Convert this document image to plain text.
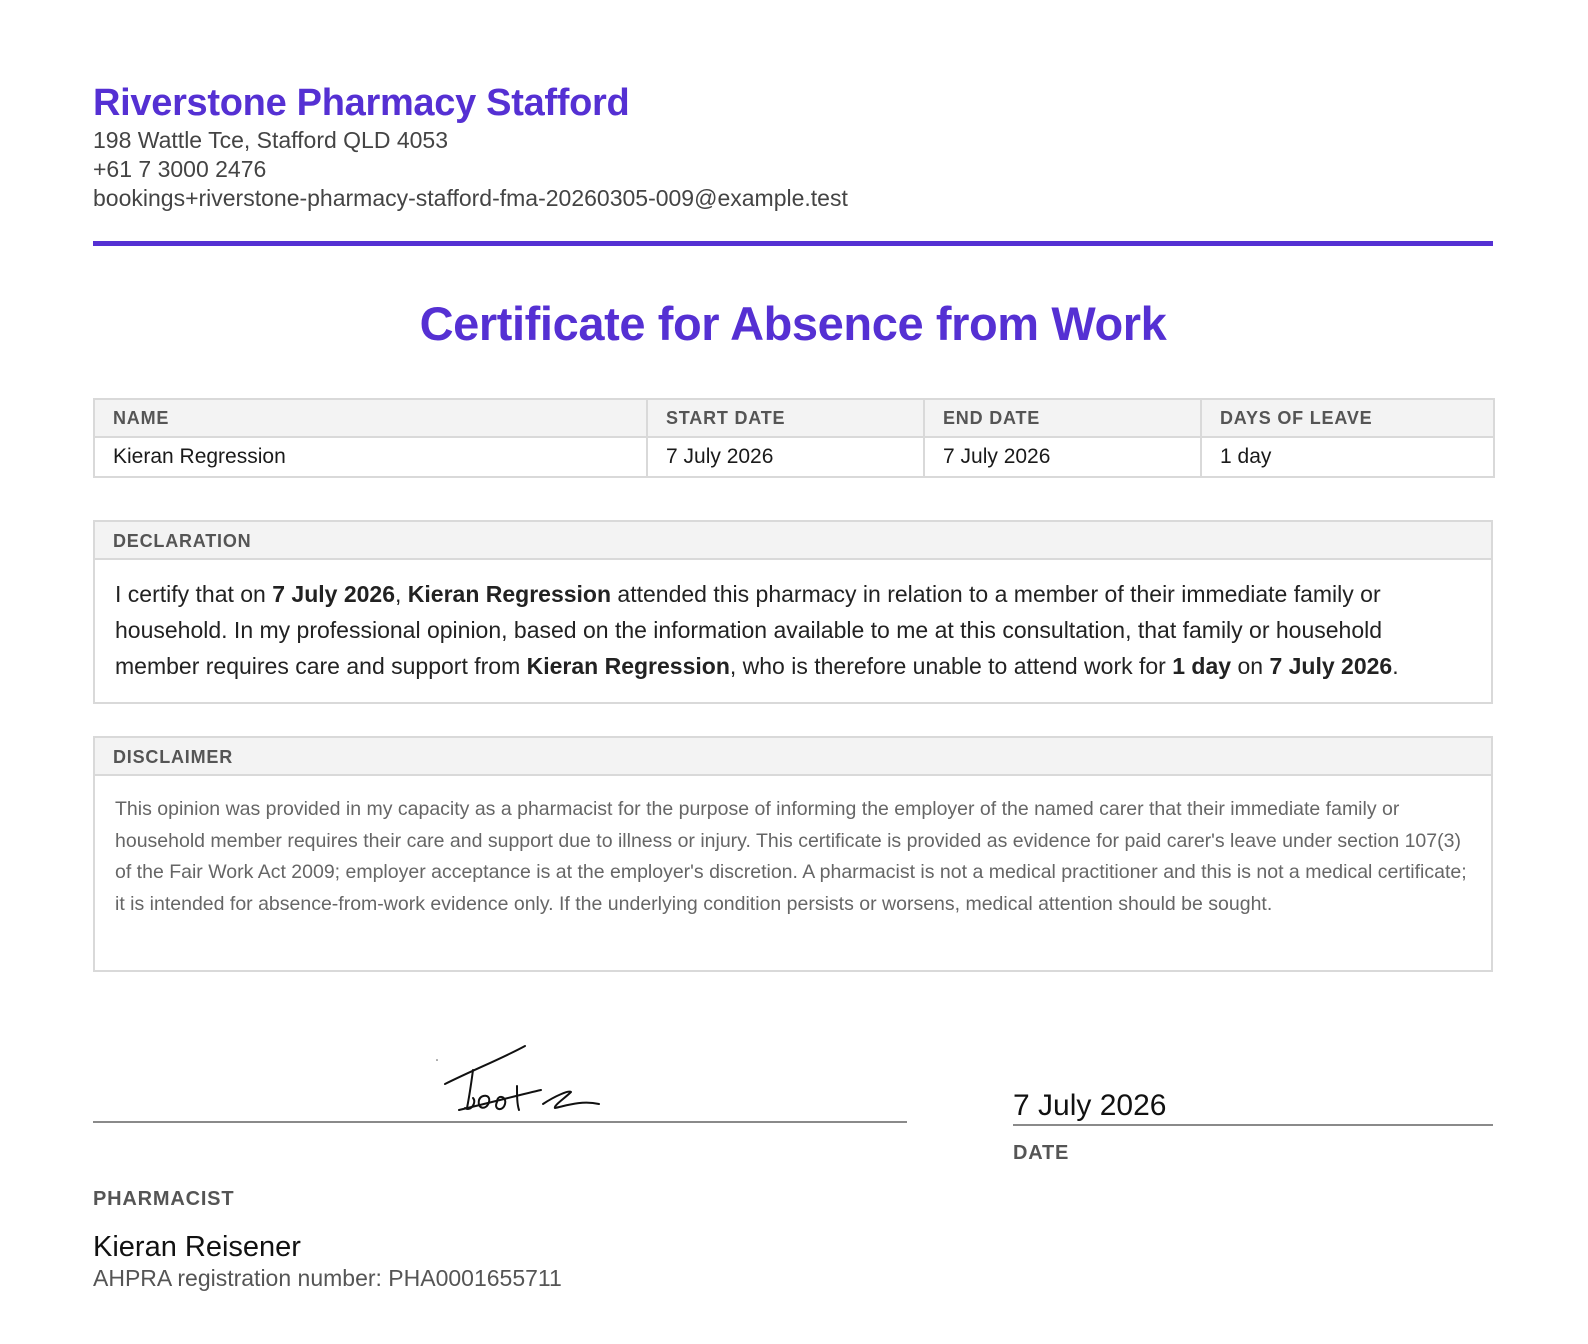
Riverstone Pharmacy Stafford
198 Wattle Tce, Stafford QLD 4053
+61 7 3000 2476
bookings+riverstone-pharmacy-stafford-fma-20260305-009@example.test
Certificate for Absence from Work
NAME	START DATE	END DATE	DAYS OF LEAVE
Kieran Regression	7 July 2026	7 July 2026	1 day
DECLARATION
I certify that on 7 July 2026, Kieran Regression attended this pharmacy in relation to a member of their immediate family or household. In my professional opinion, based on the information available to me at this consultation, that family or household member requires care and support from Kieran Regression, who is therefore unable to attend work for 1 day on 7 July 2026.
DISCLAIMER
This opinion was provided in my capacity as a pharmacist for the purpose of informing the employer of the named carer that their immediate family or household member requires their care and support due to illness or injury. This certificate is provided as evidence for paid carer's leave under section 107(3) of the Fair Work Act 2009; employer acceptance is at the employer's discretion. A pharmacist is not a medical practitioner and this is not a medical certificate; it is intended for absence-from-work evidence only. If the underlying condition persists or worsens, medical attention should be sought.
7 July 2026
DATE
PHARMACIST
Kieran Reisener
AHPRA registration number: PHA0001655711
